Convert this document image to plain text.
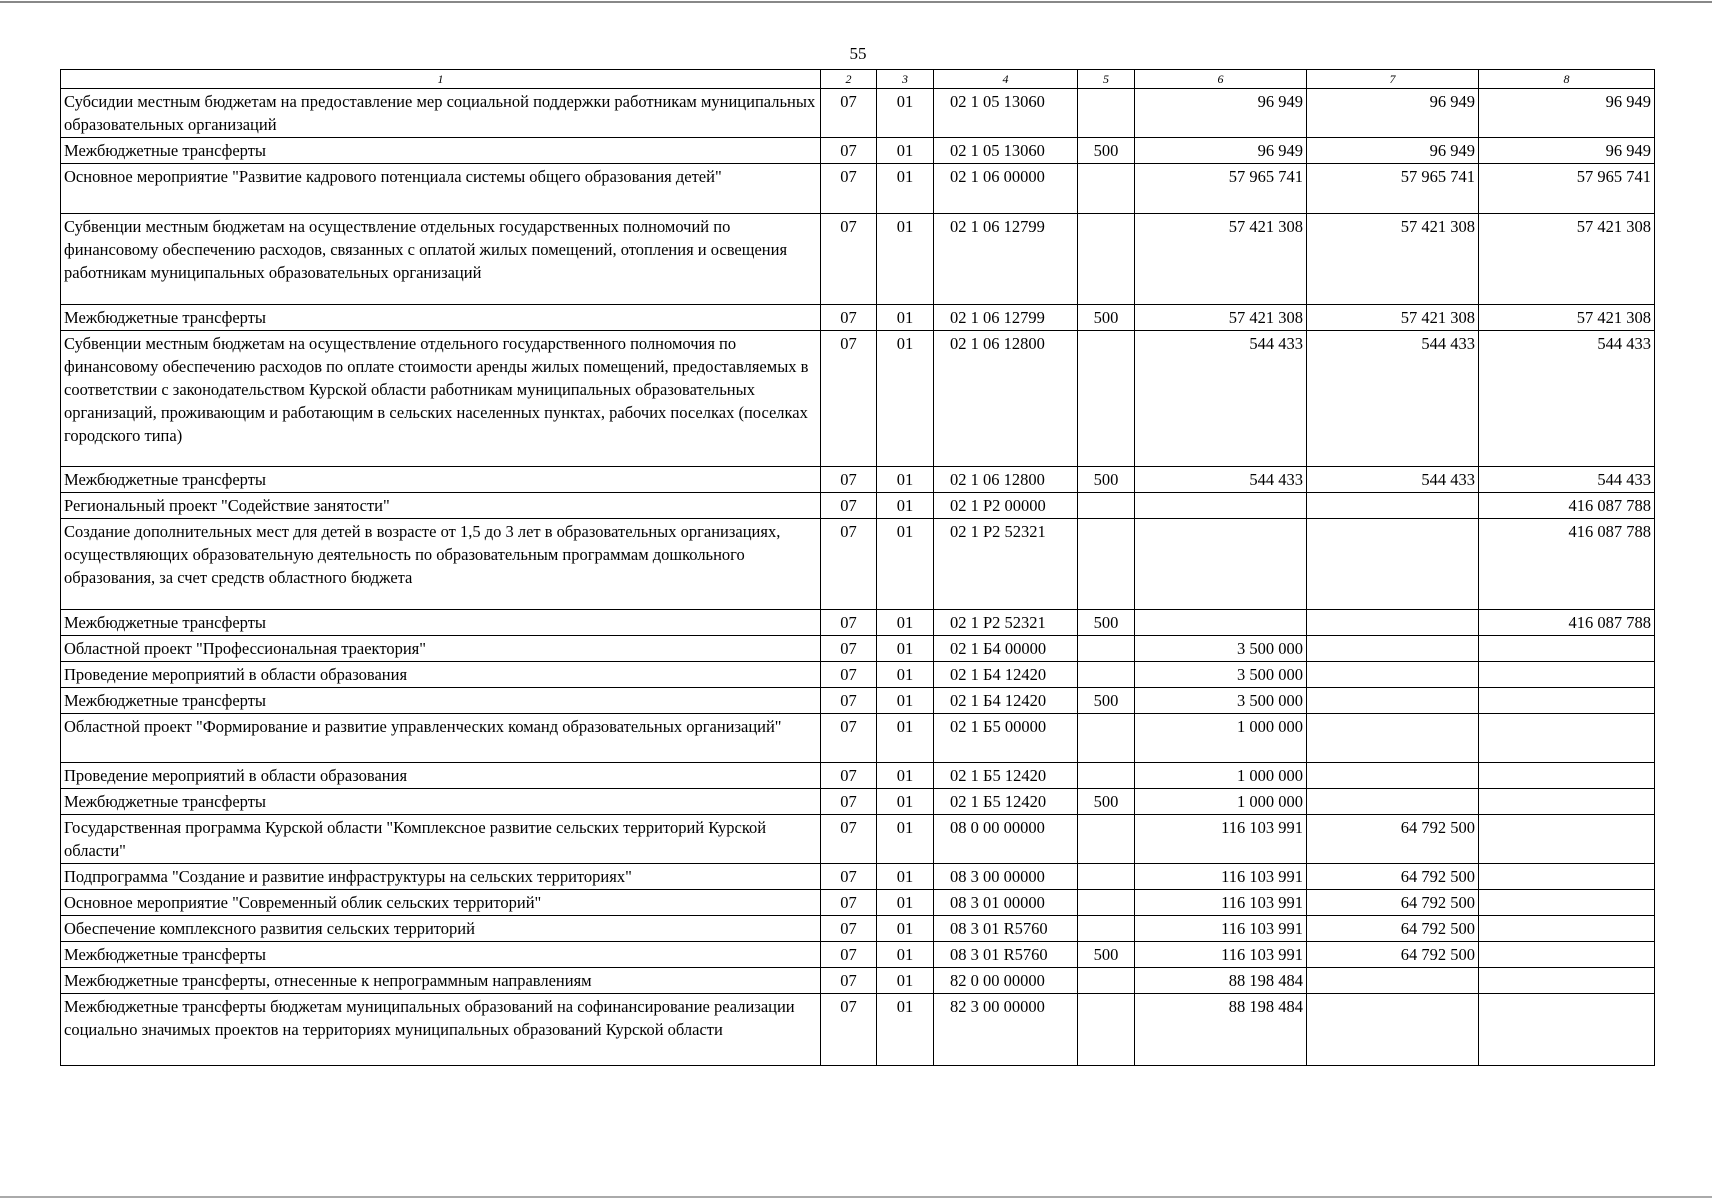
55
1	2	3	4	5	6	7	8
Субсидии местным бюджетам на предоставление мер социальной поддержки работникам муниципальных образовательных организаций	07	01	02 1 05 13060		96 949	96 949	96 949
Межбюджетные трансферты	07	01	02 1 05 13060	500	96 949	96 949	96 949
Основное мероприятие "Развитие кадрового потенциала системы общего образования детей"	07	01	02 1 06 00000		57 965 741	57 965 741	57 965 741
Субвенции местным бюджетам на осуществление отдельных государственных полномочий по финансовому обеспечению расходов, связанных с оплатой жилых помещений, отопления и освещения работникам муниципальных образовательных организаций	07	01	02 1 06 12799		57 421 308	57 421 308	57 421 308
Межбюджетные трансферты	07	01	02 1 06 12799	500	57 421 308	57 421 308	57 421 308
Субвенции местным бюджетам на осуществление отдельного государственного полномочия по финансовому обеспечению расходов по оплате стоимости аренды жилых помещений, предоставляемых в соответствии с законодательством Курской области работникам муниципальных образовательных организаций, проживающим и работающим в сельских населенных пунктах, рабочих поселках (поселках городского типа)	07	01	02 1 06 12800		544 433	544 433	544 433
Межбюджетные трансферты	07	01	02 1 06 12800	500	544 433	544 433	544 433
Региональный проект "Содействие занятости"	07	01	02 1 P2 00000				416 087 788
Создание дополнительных мест для детей в возрасте от 1,5 до 3 лет в образовательных организациях, осуществляющих образовательную деятельность по образовательным программам дошкольного образования, за счет средств областного бюджета	07	01	02 1 P2 52321				416 087 788
Межбюджетные трансферты	07	01	02 1 P2 52321	500			416 087 788
Областной проект "Профессиональная траектория"	07	01	02 1 Б4 00000		3 500 000		
Проведение мероприятий в области образования	07	01	02 1 Б4 12420		3 500 000		
Межбюджетные трансферты	07	01	02 1 Б4 12420	500	3 500 000		
Областной проект "Формирование и развитие управленческих команд образовательных организаций"	07	01	02 1 Б5 00000		1 000 000		
Проведение мероприятий в области образования	07	01	02 1 Б5 12420		1 000 000		
Межбюджетные трансферты	07	01	02 1 Б5 12420	500	1 000 000		
Государственная программа Курской области "Комплексное развитие сельских территорий Курской области"	07	01	08 0 00 00000		116 103 991	64 792 500	
Подпрограмма "Создание и развитие инфраструктуры на сельских территориях"	07	01	08 3 00 00000		116 103 991	64 792 500	
Основное мероприятие "Современный облик сельских территорий"	07	01	08 3 01 00000		116 103 991	64 792 500	
Обеспечение комплексного развития сельских территорий	07	01	08 3 01 R5760		116 103 991	64 792 500	
Межбюджетные трансферты	07	01	08 3 01 R5760	500	116 103 991	64 792 500	
Межбюджетные трансферты, отнесенные к непрограммным направлениям	07	01	82 0 00 00000		88 198 484		
Межбюджетные трансферты бюджетам муниципальных образований на софинансирование реализации социально значимых проектов на территориях муниципальных образований Курской области	07	01	82 3 00 00000		88 198 484		
